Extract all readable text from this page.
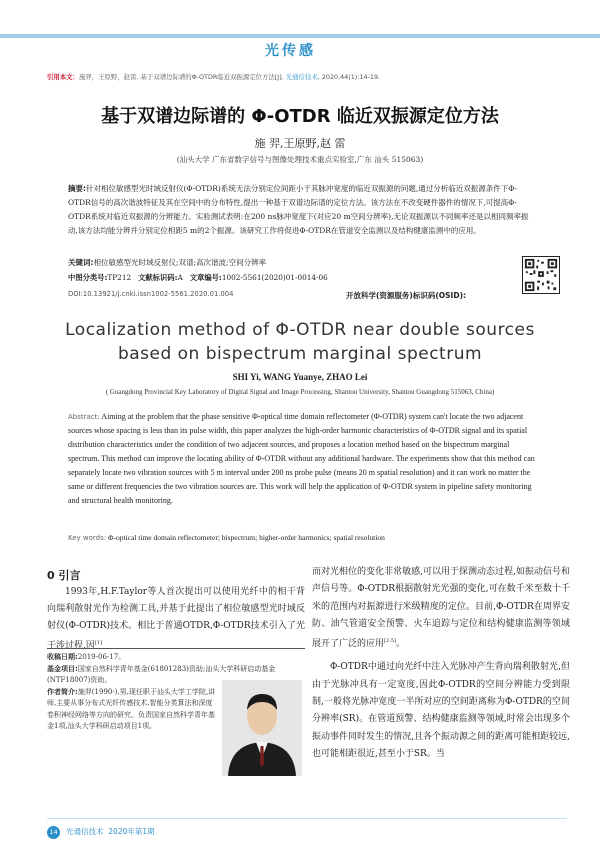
光传感
引用本文：施羿，王原野，赵雷. 基于双谱边际谱的Φ-OTDR临近双振源定位方法[J]. 光通信技术, 2020,44(1):14-19.
基于双谱边际谱的 Φ-OTDR 临近双振源定位方法
施 羿,王原野,赵 雷
(汕头大学 广东省数字信号与图像处理技术重点实验室,广东 汕头 515063)
摘要:针对相位敏感型光时域反射仪(Φ-OTDR)系统无法分别定位间距小于其脉冲宽度的临近双振源的问题,通过分析临近双振源条件下Φ-OTDR信号的高次谐波特征及其在空间中的分布特性,提出一种基于双谱边际谱的定位方法。该方法在不改变硬件器件的情况下,可提高Φ-OTDR系统对临近双振源的分辨能力。实验测试表明:在200 ns脉冲宽度下(对应20 m空间分辨率),无论双振源以不同频率还是以相同频率振动,该方法均能分辨并分别定位相距5 m的2个振源。该研究工作将促进Φ-OTDR在管道安全监测以及结构健康监测中的应用。
关键词:相位敏感型光时域反射仪;双谱;高次谐波;空间分辨率
中图分类号:TP212 文献标识码:A 文章编号:1002-5561(2020)01-0014-06
DOI:10.13921/j.cnki.issn1002-5561.2020.01.004	开放科学(资源服务)标识码(OSID):
Localization method of Φ-OTDR near double sources based on bispectrum marginal spectrum
SHI Yi, WANG Yuanye, ZHAO Lei
( Guangdong Provincial Key Laboratory of Digital Signal and Image Processing, Shantou University, Shantou Guangdong 515063, China)
Abstract: Aiming at the problem that the phase sensitive Φ-optical time domain reflectometer (Φ-OTDR) system can't locate the two adjacent sources whose spacing is less than its pulse width, this paper analyzes the high-order harmonic characteristics of Φ-OTDR signal and its spatial distribution characteristics under the condition of two adjacent sources, and proposes a location method based on the bispectrum marginal spectrum. This method can improve the locating ability of Φ-OTDR without any additional hardware. The experiments show that this method can separately locate two vibration sources with 5 m interval under 200 ns probe pulse (means 20 m spatial resolution) and it can work no matter the same or different frequencies the two vibration sources are. This work will help the application of Φ-OTDR system in pipeline safety monitoring and structural health monitoring.
Key words: Φ-optical time domain reflectometer; bispectrum; higher-order harmonics; spatial resolution
0 引言

1993年,H.F.Taylor等人首次提出可以使用光纤中的相干背向瑞利散射光作为检测工具,并基于此提出了相位敏感型光时域反射仪(Φ-OTDR)技术。相比于普通OTDR,Φ-OTDR技术引入了光干涉过程,因[1]

收稿日期:2019-06-17。
基金项目:国家自然科学青年基金(61801283)资助;汕头大学科研启动基金(NTF18007)资助。
作者简介:施羿(1990-),男,现任职于汕头大学工学院,讲师,主要从事分布式光纤传感技术,智能分类算法和深度卷积神经网络等方向的研究。负责国家自然科学青年基金1项,汕头大学科研启动项目1项。

而对光相位的变化非常敏感,可以用于探测动态过程,如振动信号和声信号等。Φ-OTDR根据散射光光强的变化,可在数千米至数十千米的范围内对振源进行米级精度的定位。目前,Φ-OTDR在周界安防、油气管道安全预警、火车追踪与定位和结构健康监测等领域展开了广泛的应用[2-5]。

Φ-OTDR中通过向光纤中注入光脉冲产生背向瑞利散射光,但由于光脉冲具有一定宽度,因此Φ-OTDR的空间分辨能力受到限制,一般将光脉冲宽度一半所对应的空间距离称为Φ-OTDR的空间分辨率(SR)。在管道预警、结构健康监测等领域,时常会出现多个振动事件同时发生的情况,且各个振动源之间的距离可能相距较远,也可能相距很近,甚至小于SR。当

14 光通信技术 2020年第1期
